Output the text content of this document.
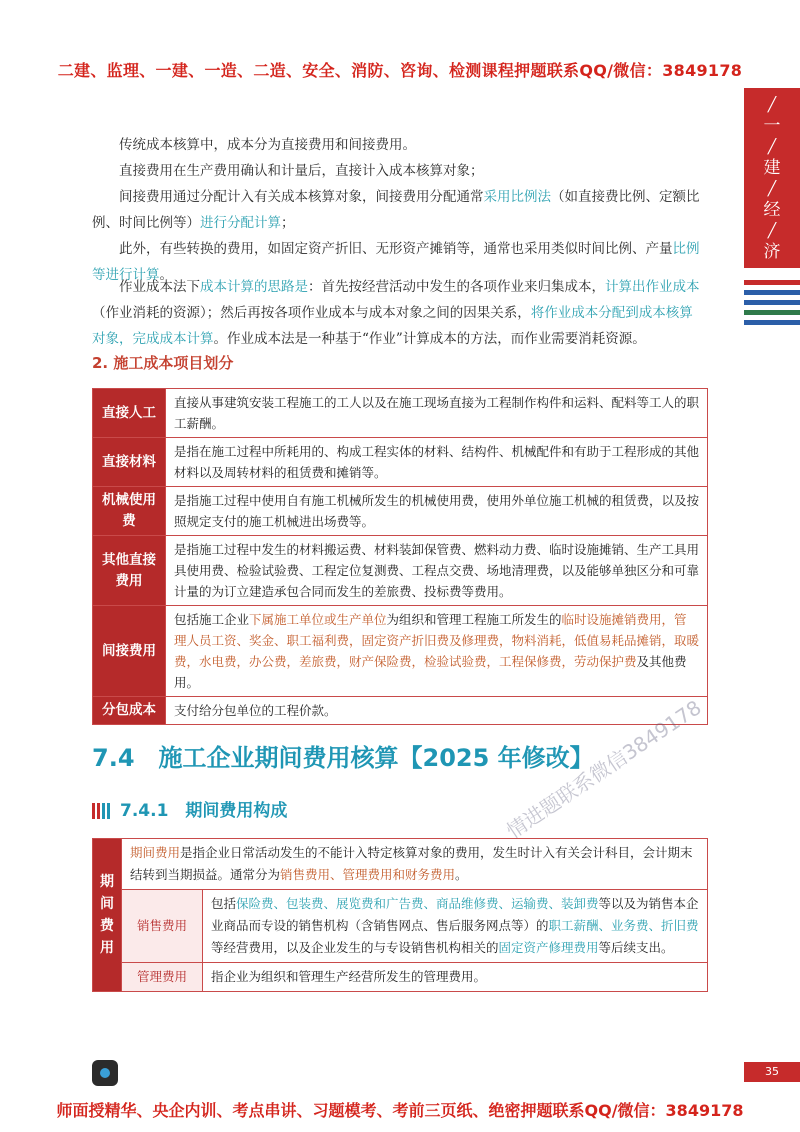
二建、监理、一建、一造、二造、安全、消防、咨询、检测课程押题联系QQ/微信：3849178
╱
一
╱
建
╱
经
╱
济
传统成本核算中，成本分为直接费用和间接费用。
直接费用在生产费用确认和计量后，直接计入成本核算对象；
间接费用通过分配计入有关成本核算对象，间接费用分配通常采用比例法（如直接费比例、定额比例、时间比例等）进行分配计算；
此外，有些转换的费用，如固定资产折旧、无形资产摊销等，通常也采用类似时间比例、产量比例等进行计算。
作业成本法下成本计算的思路是：首先按经营活动中发生的各项作业来归集成本，计算出作业成本（作业消耗的资源）；然后再按各项作业成本与成本对象之间的因果关系，将作业成本分配到成本核算对象，完成成本计算。作业成本法是一种基于“作业”计算成本的方法，而作业需要消耗资源。
2. 施工成本项目划分
直接人工	直接从事建筑安装工程施工的工人以及在施工现场直接为工程制作构件和运料、配料等工人的职工薪酬。
直接材料	是指在施工过程中所耗用的、构成工程实体的材料、结构件、机械配件和有助于工程形成的其他材料以及周转材料的租赁费和摊销等。
机械使用费	是指施工过程中使用自有施工机械所发生的机械使用费，使用外单位施工机械的租赁费，以及按照规定支付的施工机械进出场费等。
其他直接费用	是指施工过程中发生的材料搬运费、材料装卸保管费、燃料动力费、临时设施摊销、生产工具用具使用费、检验试验费、工程定位复测费、工程点交费、场地清理费，以及能够单独区分和可靠计量的为订立建造承包合同而发生的差旅费、投标费等费用。
间接费用	包括施工企业下属施工单位或生产单位为组织和管理工程施工所发生的临时设施摊销费用，管理人员工资、奖金、职工福利费，固定资产折旧费及修理费，物料消耗，低值易耗品摊销，取暖费，水电费，办公费，差旅费，财产保险费，检验试验费，工程保修费，劳动保护费及其他费用。
分包成本	支付给分包单位的工程价款。
7.4　施工企业期间费用核算【2025 年修改】
7.4.1　期间费用构成
期间费用	期间费用是指企业日常活动发生的不能计入特定核算对象的费用，发生时计入有关会计科目，会计期末结转到当期损益。通常分为销售费用、管理费用和财务费用。	
	销售费用	包括保险费、包装费、展览费和广告费、商品维修费、运输费、装卸费等以及为销售本企业商品而专设的销售机构（含销售网点、售后服务网点等）的职工薪酬、业务费、折旧费等经营费用，以及企业发生的与专设销售机构相关的固定资产修理费用等后续支出。
	管理费用	指企业为组织和管理生产经营所发生的管理费用。
情进题联系微信3849178
35
师面授精华、央企内训、考点串讲、习题模考、考前三页纸、绝密押题联系QQ/微信：3849178
